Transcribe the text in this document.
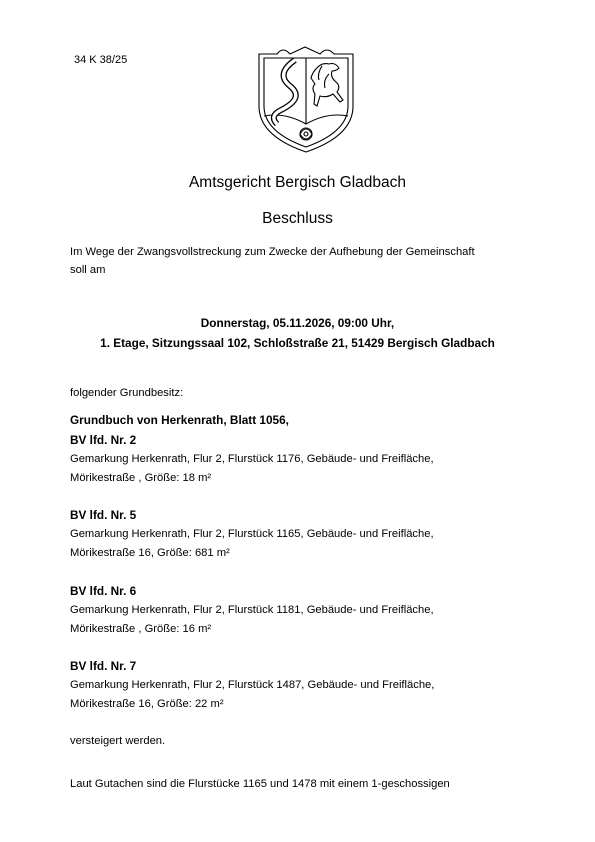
34 K 38/25
Amtsgericht Bergisch Gladbach
Beschluss
Im Wege der Zwangsvollstreckung zum Zwecke der Aufhebung der Gemeinschaft
soll am
Donnerstag, 05.11.2026, 09:00 Uhr,
1. Etage, Sitzungssaal 102, Schloßstraße 21, 51429 Bergisch Gladbach
folgender Grundbesitz:
Grundbuch von Herkenrath, Blatt 1056,
BV lfd. Nr. 2
Gemarkung Herkenrath, Flur 2, Flurstück 1176, Gebäude- und Freifläche,
Mörikestraße , Größe: 18 m²
BV lfd. Nr. 5
Gemarkung Herkenrath, Flur 2, Flurstück 1165, Gebäude- und Freifläche,
Mörikestraße 16, Größe: 681 m²
BV lfd. Nr. 6
Gemarkung Herkenrath, Flur 2, Flurstück 1181, Gebäude- und Freifläche,
Mörikestraße , Größe: 16 m²
BV lfd. Nr. 7
Gemarkung Herkenrath, Flur 2, Flurstück 1487, Gebäude- und Freifläche,
Mörikestraße 16, Größe: 22 m²
versteigert werden.
Laut Gutachen sind die Flurstücke 1165 und 1478 mit einem 1-geschossigen
